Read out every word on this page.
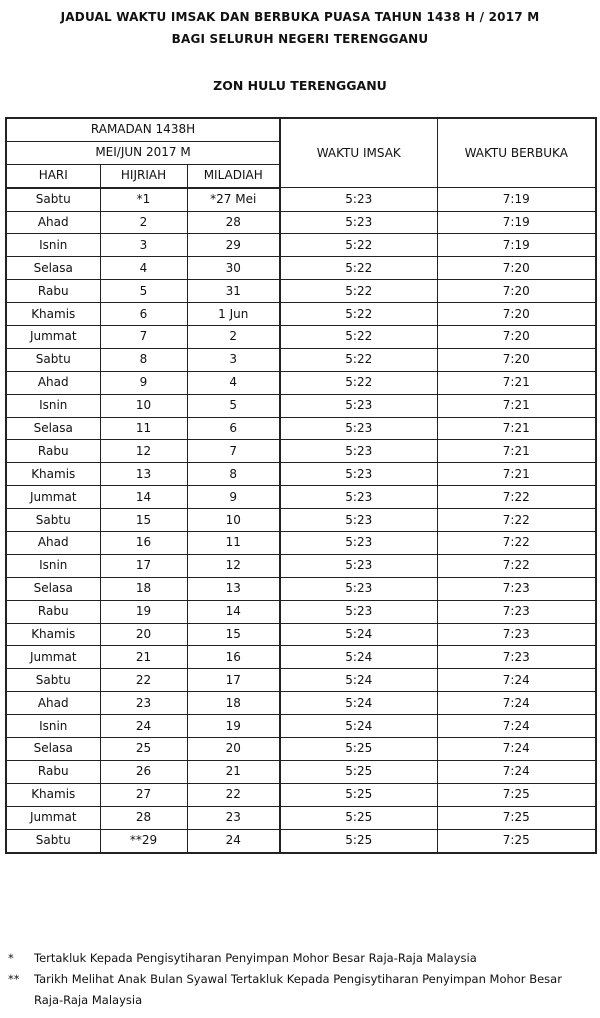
JADUAL WAKTU IMSAK DAN BERBUKA PUASA TAHUN 1438 H / 2017 M
BAGI SELURUH NEGERI TERENGGANU
ZON HULU TERENGGANU
RAMADAN 1438H			WAKTU IMSAK	WAKTU BERBUKA
MEI/JUN 2017 M				
HARI	HIJRIAH	MILADIAH		
Sabtu	*1	*27 Mei	5:23	7:19
Ahad	2	28	5:23	7:19
Isnin	3	29	5:22	7:19
Selasa	4	30	5:22	7:20
Rabu	5	31	5:22	7:20
Khamis	6	1 Jun	5:22	7:20
Jummat	7	2	5:22	7:20
Sabtu	8	3	5:22	7:20
Ahad	9	4	5:22	7:21
Isnin	10	5	5:23	7:21
Selasa	11	6	5:23	7:21
Rabu	12	7	5:23	7:21
Khamis	13	8	5:23	7:21
Jummat	14	9	5:23	7:22
Sabtu	15	10	5:23	7:22
Ahad	16	11	5:23	7:22
Isnin	17	12	5:23	7:22
Selasa	18	13	5:23	7:23
Rabu	19	14	5:23	7:23
Khamis	20	15	5:24	7:23
Jummat	21	16	5:24	7:23
Sabtu	22	17	5:24	7:24
Ahad	23	18	5:24	7:24
Isnin	24	19	5:24	7:24
Selasa	25	20	5:25	7:24
Rabu	26	21	5:25	7:24
Khamis	27	22	5:25	7:25
Jummat	28	23	5:25	7:25
Sabtu	**29	24	5:25	7:25
*	Tertakluk Kepada Pengisytiharan Penyimpan Mohor Besar Raja-Raja Malaysia
**	Tarikh Melihat Anak Bulan Syawal Tertakluk Kepada Pengisytiharan Penyimpan Mohor Besar
Raja-Raja Malaysia
